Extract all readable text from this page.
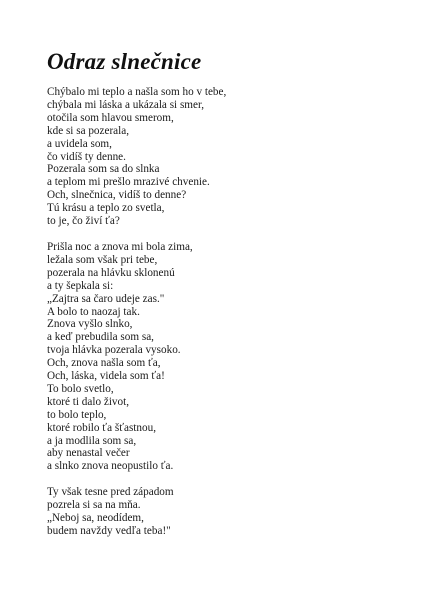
Odraz slnečnice

Chýbalo mi teplo a našla som ho v tebe,
chýbala mi láska a ukázala si smer,
otočila som hlavou smerom,
kde si sa pozerala,
a uvidela som,
čo vidíš ty denne.
Pozerala som sa do slnka
a teplom mi prešlo mrazivé chvenie.
Och, slnečnica, vidíš to denne?
Tú krásu a teplo zo svetla,
to je, čo živí ťa?

Prišla noc a znova mi bola zima,
ležala som však pri tebe,
pozerala na hlávku sklonenú
a ty šepkala si:
„Zajtra sa čaro udeje zas."
A bolo to naozaj tak.
Znova vyšlo slnko,
a keď prebudila som sa,
tvoja hlávka pozerala vysoko.
Och, znova našla som ťa,
Och, láska, videla som ťa!
To bolo svetlo,
ktoré ti dalo život,
to bolo teplo,
ktoré robilo ťa šťastnou,
a ja modlila som sa,
aby nenastal večer
a slnko znova neopustilo ťa.

Ty však tesne pred západom
pozrela si sa na mňa.
„Neboj sa, neodídem,
budem navždy vedľa teba!"
